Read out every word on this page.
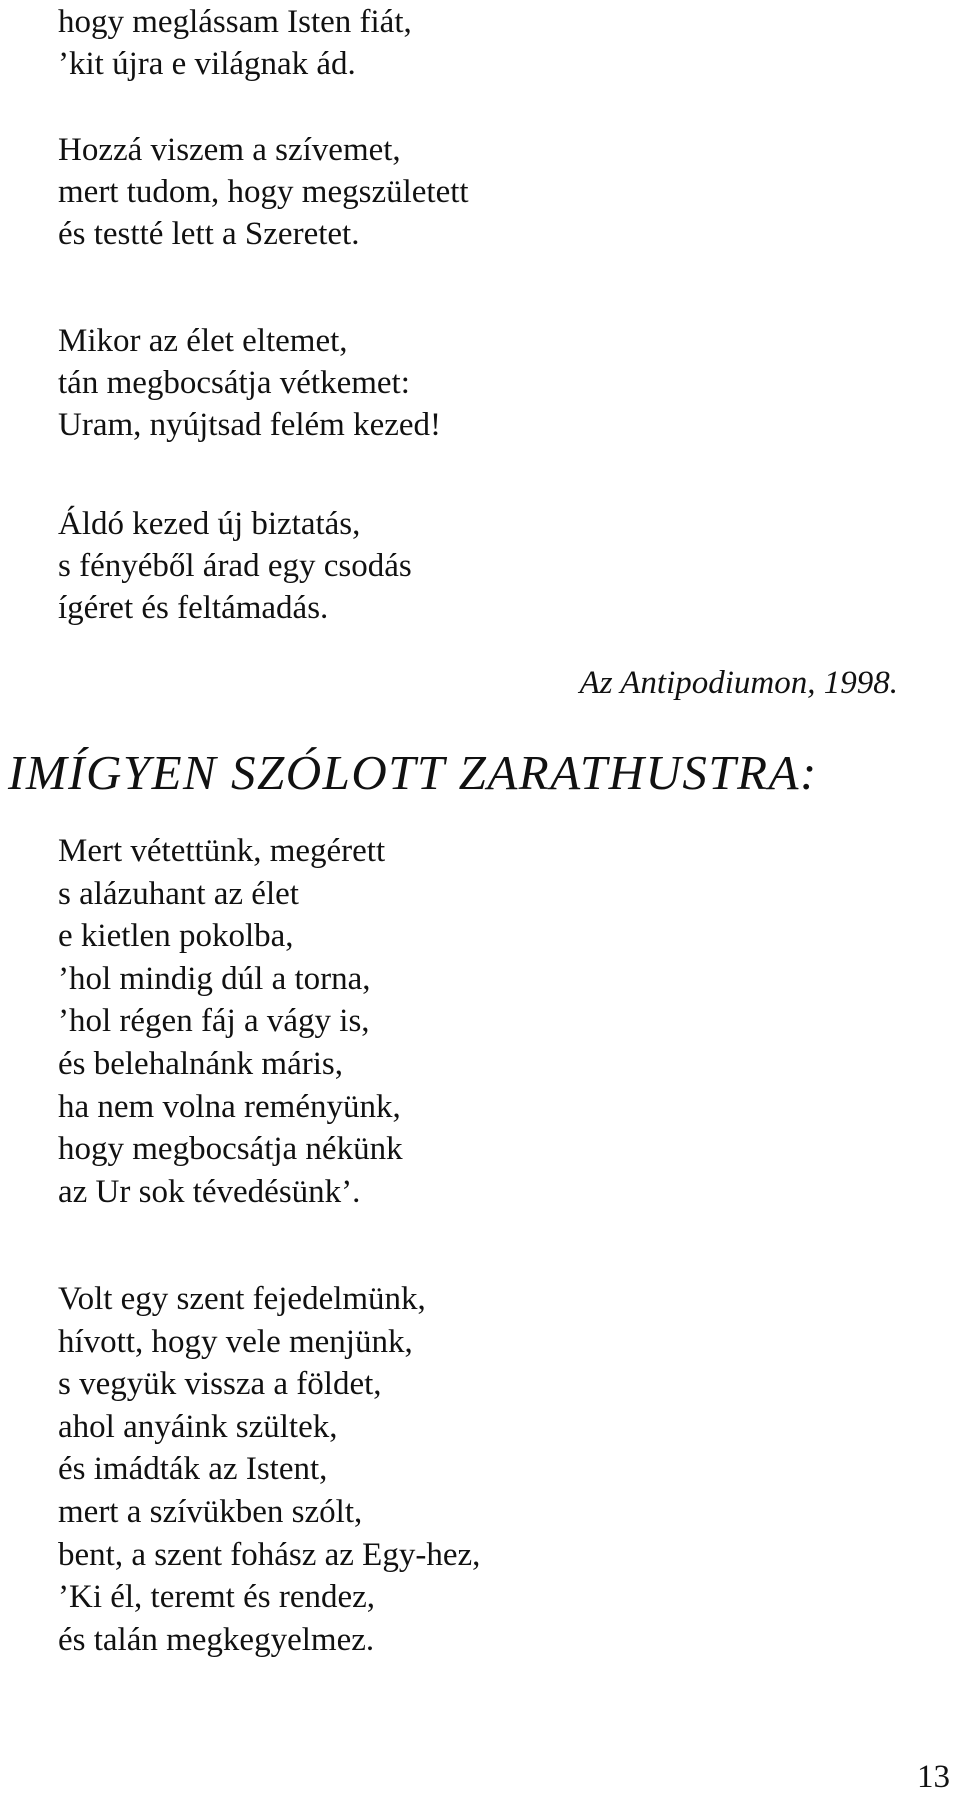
hogy meglássam Isten fiát,
’kit újra e világnak ád.
Hozzá viszem a szívemet,
mert tudom, hogy megszületett
és testté lett a Szeretet.
Mikor az élet eltemet,
tán megbocsátja vétkemet:
Uram, nyújtsad felém kezed!
Áldó kezed új biztatás,
s fényéből árad egy csodás
ígéret és feltámadás.
Az Antipodiumon, 1998.
IMÍGYEN SZÓLOTT ZARATHUSTRA:
Mert vétettünk, megérett
s alázuhant az élet
e kietlen pokolba,
’hol mindig dúl a torna,
’hol régen fáj a vágy is,
és belehalnánk máris,
ha nem volna reményünk,
hogy megbocsátja nékünk
az Ur sok tévedésünk’.
Volt egy szent fejedelmünk,
hívott, hogy vele menjünk,
s vegyük vissza a földet,
ahol anyáink szültek,
és imádták az Istent,
mert a szívükben szólt,
bent, a szent fohász az Egy-hez,
’Ki él, teremt és rendez,
és talán megkegyelmez.
13
